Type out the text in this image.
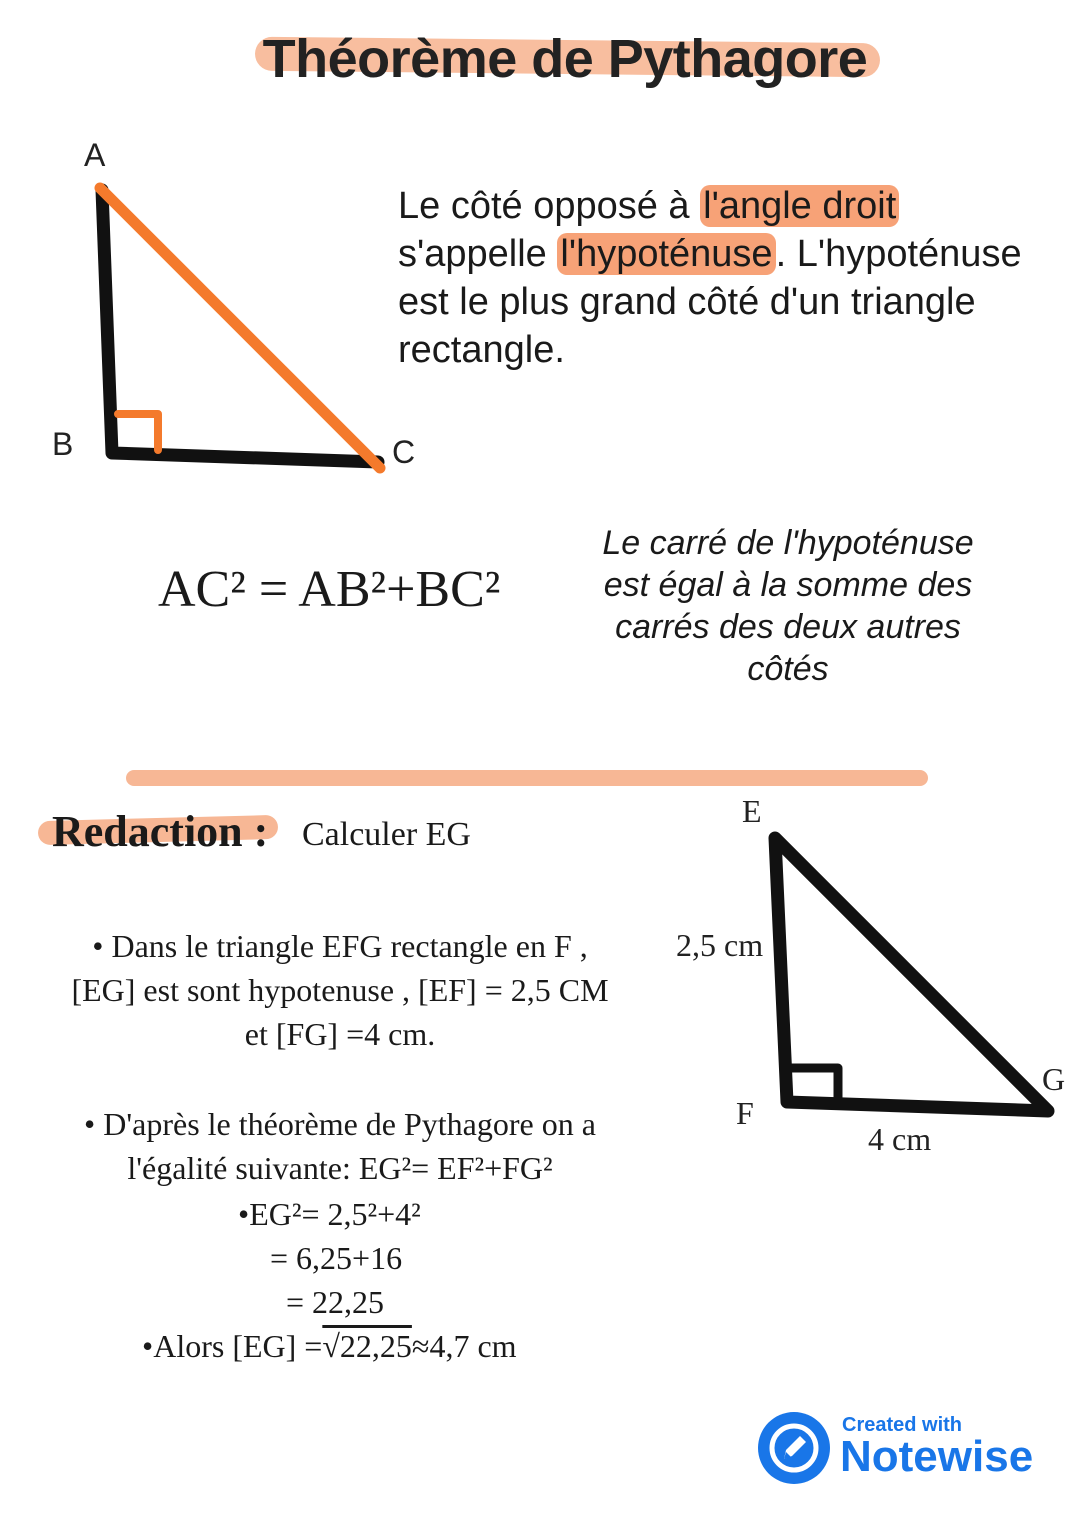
Théorème de Pythagore
A
B	C
Le côté opposé à l'angle droit
s'appelle l'hypoténuse. L'hypoténuse est le plus grand côté d'un triangle rectangle.
AC² = AB²+BC²
Le carré de l'hypoténuse est égal à la somme des carrés des deux autres côtés
Redaction : Calculer EG
• Dans le triangle EFG rectangle en F ,
[EG] est sont hypotenuse , [EF] = 2,5 CM
et [FG] =4 cm.
• D'après le théorème de Pythagore on a
l'égalité suivante: EG²= EF²+FG²
•EG²= 2,5²+4²
= 6,25+16
= 22,25
•Alors [EG] =√22,25≈4,7 cm
E
F
G
2,5 cm
4 cm
Created with
Notewise
